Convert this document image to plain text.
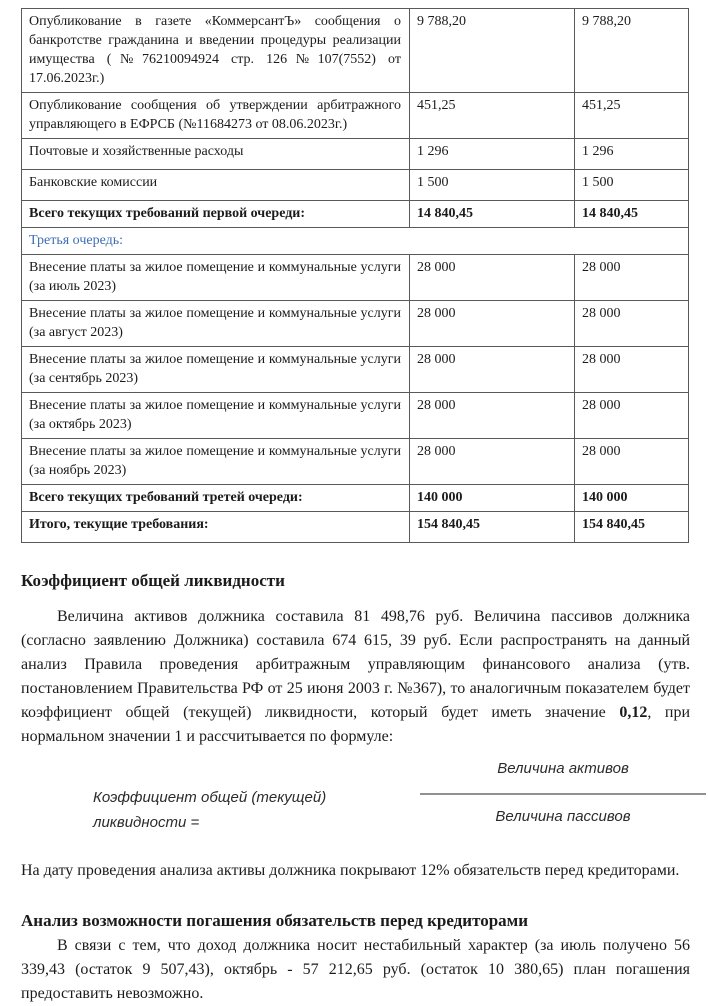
Опубликование в газете «КоммерсантЪ» сообщения о банкротстве гражданина и введении процедуры реализации имущества (№76210094924 стр. 126№107(7552) от 17.06.2023г.)	9 788,20	9 788,20
Опубликование сообщения об утверждении арбитражного управляющего в ЕФРСБ (№11684273 от 08.06.2023г.)	451,25	451,25
Почтовые и хозяйственные расходы	1 296	1 296
Банковские комиссии	1 500	1 500
Всего текущих требований первой очереди:	14 840,45	14 840,45
Третья очередь:		
Внесение платы за жилое помещение и коммунальные услуги (за июль 2023)	28 000	28 000
Внесение платы за жилое помещение и коммунальные услуги (за август 2023)	28 000	28 000
Внесение платы за жилое помещение и коммунальные услуги (за сентябрь 2023)	28 000	28 000
Внесение платы за жилое помещение и коммунальные услуги (за октябрь 2023)	28 000	28 000
Внесение платы за жилое помещение и коммунальные услуги (за ноябрь 2023)	28 000	28 000
Всего текущих требований третей очереди:	140 000	140 000
Итого, текущие требования:	154 840,45	154 840,45
Коэффициент общей ликвидности

Величина активов должника составила 81 498,76 руб. Величина пассивов должника (согласно заявлению Должника) составила 674 615, 39 руб. Если распространять на данный анализ Правила проведения арбитражным управляющим финансового анализа (утв. постановлением Правительства РФ от 25 июня 2003 г. №367), то аналогичным показателем будет коэффициент общей (текущей) ликвидности, который будет иметь значение 0,12, при нормальном значении 1 и рассчитывается по формуле:

Коэффициент общей (текущей) ликвидности =	$\frac{\text{Величина активов}}{\text{Величина пассивов}}$

На дату проведения анализа активы должника покрывают 12% обязательств перед кредиторами.

Анализ возможности погашения обязательств перед кредиторами

В связи с тем, что доход должника носит нестабильный характер (за июль получено 56 339,43 (остаток 9 507,43), октябрь - 57 212,65 руб. (остаток 10 380,65) план погашения предоставить невозможно.
